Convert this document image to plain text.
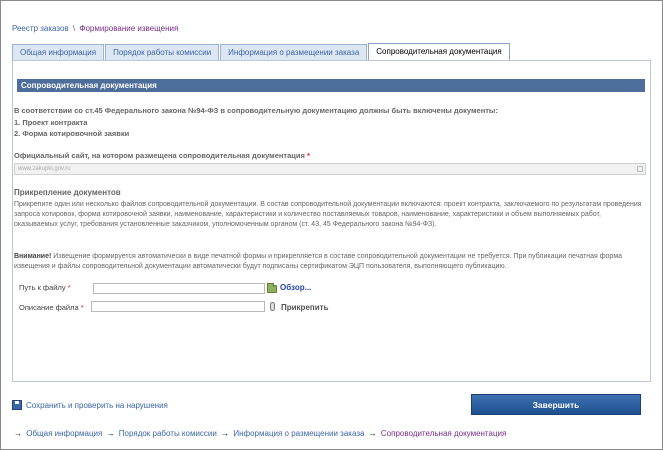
Реестр заказов \ Формирование извещения
Общая информация	Порядок работы комиссии	Информация о размещении заказа	Сопроводительная документация
Сопроводительная документация
В соответствии со ст.45 Федерального закона №94-ФЗ в сопроводительную документацию должны быть включены документы:
1. Проект контракта
2. Форма котировочной заявки
Официальный сайт, на котором размещена сопроводительная документация *
www.zakupki.gov.ru
Прикрепление документов
Прикрепите один или несколько файлов сопроводительной документации. В состав сопроводительной документации включаются: проект контракта, заключаемого по результатам проведения запроса котировок, форма котировочной заявки, наименование, характеристики и количество поставляемых товаров, наименование, характеристики и объем выполняемых работ, оказываемых услуг, требования установленные заказчиком, уполномоченным органом (ст. 43, 45 Федерального закона №94-ФЗ).
Внимание! Извещение формируется автоматически в виде печатной формы и прикрепляется в составе сопроводительной документации не требуется. При публикации печатная форма извещения и файлы сопроводительной документации автоматически будут подписаны сертификатом ЭЦП пользователя, выполняющего публикацию.
Путь к файлу *	Обзор...
Описание файла *	Прикрепить
Сохранить и проверить на нарушения	Завершить
→ Общая информация → Порядок работы комиссии → Информация о размещении заказа → Сопроводительная документация
